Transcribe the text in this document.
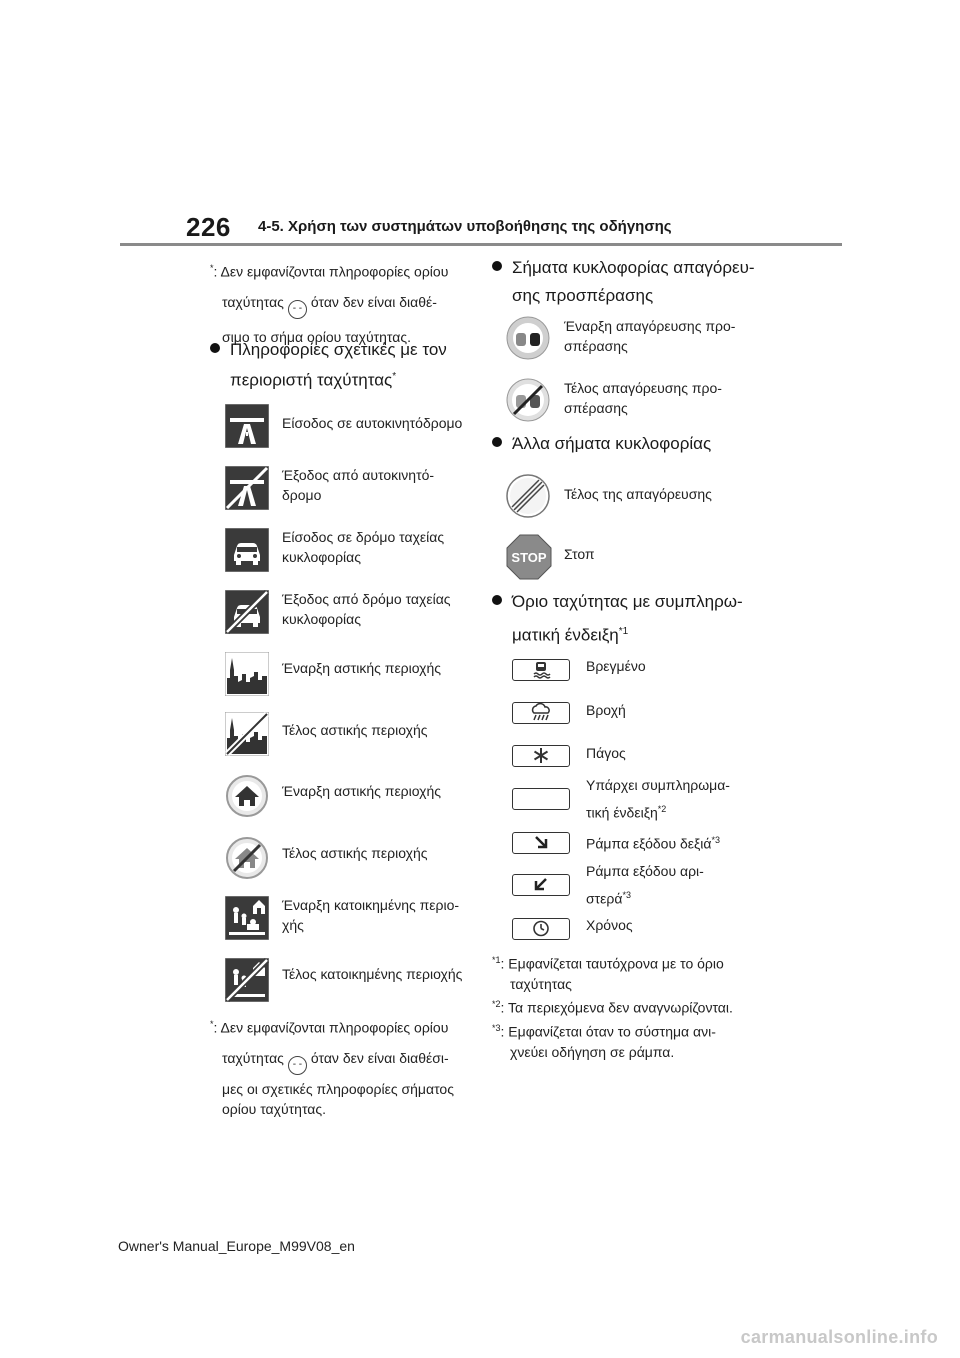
226 4-5. Χρήση των συστημάτων υποβοήθησης της οδήγησης
*: Δεν εμφανίζονται πληροφορίες ορίου
ταχύτητας - - όταν δεν είναι διαθέ-
σιμο το σήμα ορίου ταχύτητας.
Πληροφορίες σχετικές με τον
περιοριστή ταχύτητας*
Είσοδος σε αυτοκινητόδρομο
Έξοδος από αυτοκινητό-
δρομο
Είσοδος σε δρόμο ταχείας
κυκλοφορίας
Έξοδος από δρόμο ταχείας
κυκλοφορίας
Έναρξη αστικής περιοχής
Τέλος αστικής περιοχής
Έναρξη αστικής περιοχής
Τέλος αστικής περιοχής
Έναρξη κατοικημένης περιο-
χής
Τέλος κατοικημένης περιοχής
*: Δεν εμφανίζονται πληροφορίες ορίου
ταχύτητας - - όταν δεν είναι διαθέσι-
μες οι σχετικές πληροφορίες σήματος
ορίου ταχύτητας.
Σήματα κυκλοφορίας απαγόρευ-
σης προσπέρασης
Έναρξη απαγόρευσης προ-
σπέρασης
Τέλος απαγόρευσης προ-
σπέρασης
Άλλα σήματα κυκλοφορίας
Τέλος της απαγόρευσης
STOP Στοπ
Όριο ταχύτητας με συμπληρω-
ματική ένδειξη$^{*1}$
Βρεγμένο
Βροχή
Πάγος
Υπάρχει συμπληρωμα-
τική ένδειξη$^{*2}$
Ράμπα εξόδου δεξιά$^{*3}$
Ράμπα εξόδου αρι-
στερά$^{*3}$
Χρόνος
$^{*1}$: Εμφανίζεται ταυτόχρονα με το όριο
ταχύτητας
$^{*2}$: Τα περιεχόμενα δεν αναγνωρίζονται.
$^{*3}$: Εμφανίζεται όταν το σύστημα ανι-
χνεύει οδήγηση σε ράμπα.
Owner's Manual_Europe_M99V08_en
carmanualsonline.info
